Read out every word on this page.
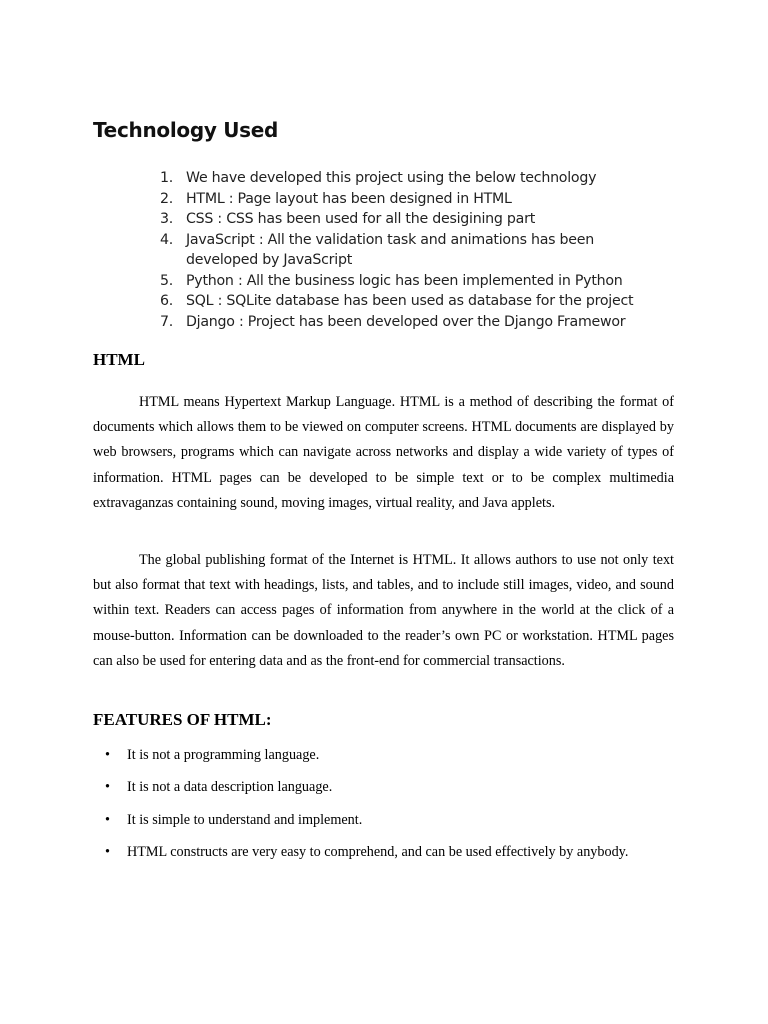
Technology Used
1. We have developed this project using the below technology
2. HTML : Page layout has been designed in HTML
3. CSS : CSS has been used for all the desigining part
4. JavaScript : All the validation task and animations has been developed by JavaScript
5. Python : All the business logic has been implemented in Python
6. SQL : SQLite database has been used as database for the project
7. Django : Project has been developed over the Django Framewor
HTML

HTML means Hypertext Markup Language. HTML is a method of describing the format of documents which allows them to be viewed on computer screens. HTML documents are displayed by web browsers, programs which can navigate across networks and display a wide variety of types of information. HTML pages can be developed to be simple text or to be complex multimedia extravaganzas containing sound, moving images, virtual reality, and Java applets.

The global publishing format of the Internet is HTML. It allows authors to use not only text but also format that text with headings, lists, and tables, and to include still images, video, and sound within text. Readers can access pages of information from anywhere in the world at the click of a mouse-button. Information can be downloaded to the reader’s own PC or workstation. HTML pages can also be used for entering data and as the front-end for commercial transactions.

FEATURES OF HTML:
• It is not a programming language.
• It is not a data description language.
• It is simple to understand and implement.
• HTML constructs are very easy to comprehend, and can be used effectively by anybody.
